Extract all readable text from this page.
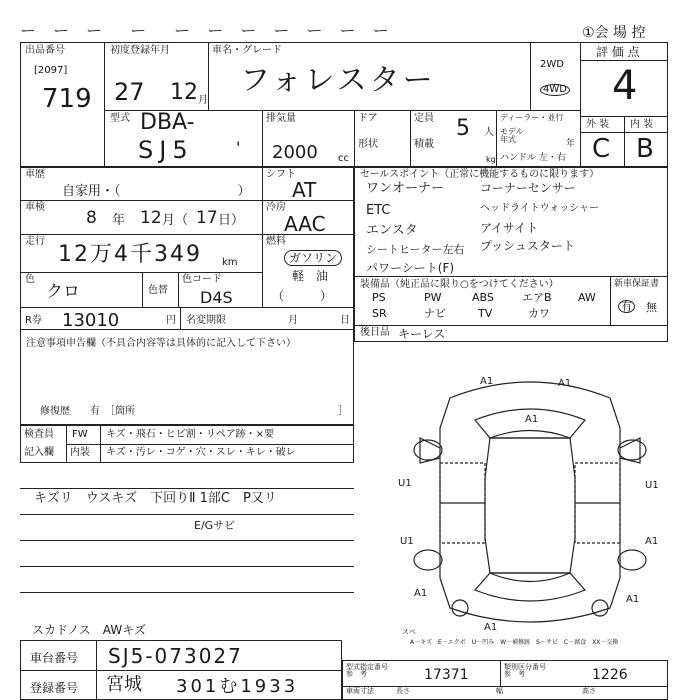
ー ー ー　ー　ー ー ー ー ー ー ー	①会 場 控
出品番号
[2097]
719
初度登録年月
27 12 月
車名・グレード
フォレスター	2WD
4WD
評 価 点
4
外 装 内 装
C B
型式 DBA-
SJ5	'
排気量
2000 cc
ドア
形状
定員 5 人
積載
kg
ディーラー・並行
モデル
年式	年
ハンドル 左・右
車歴
自家用・（　　　　　　　　　）
シフト
AT
車検
8 年 12 月（ 17 日）
冷房
AAC
走行
12万4千349 km
燃料
ガソリン
軽　油
（　　　）
色
クロ	色替
色コード
D4S
R券 13010	円 名変期限	月	日
注意事項申告欄（不具合内容等は具体的に記入して下さい）
修復歴　　有　［箇所	］
セールスポイント（正常に機能するものに限ります）
ワンオーナー	コーナーセンサー
ETC	ヘッドライトウォッシャー
エンスタ	アイサイト
シートヒーター左右 プッシュスタート
パワーシート(F)
装備品（純正品に限り○をつけてください）	新車保証書
有 無
PS	PW	ABS	エアB AW
SR	ナビ	TV	カワ
後日品 キーレス
検査員
記入欄
FW キズ・飛石・ヒビ割・リペア跡・×要
内装 キズ・汚レ・コゲ・穴・スレ・キレ・破レ
キズリ　ウスキズ　下回りⅡ 1部C　P又リ
E/Gサビ
スカドノス　AWキズ
A1	A1
A1
U1	U1
A1
A1
U1
A1
A1
スペ
A－キズ　E－エクボ　U－凹み　W－補修跡　S－サビ　C－腐食　XX－交換
車台番号 SJ5-073027
登録番号 宮城 301む1933
型式指定番号
参　考	17371	類別区分番号
参　考	1226
車両寸法	長さ	幅	高さ
